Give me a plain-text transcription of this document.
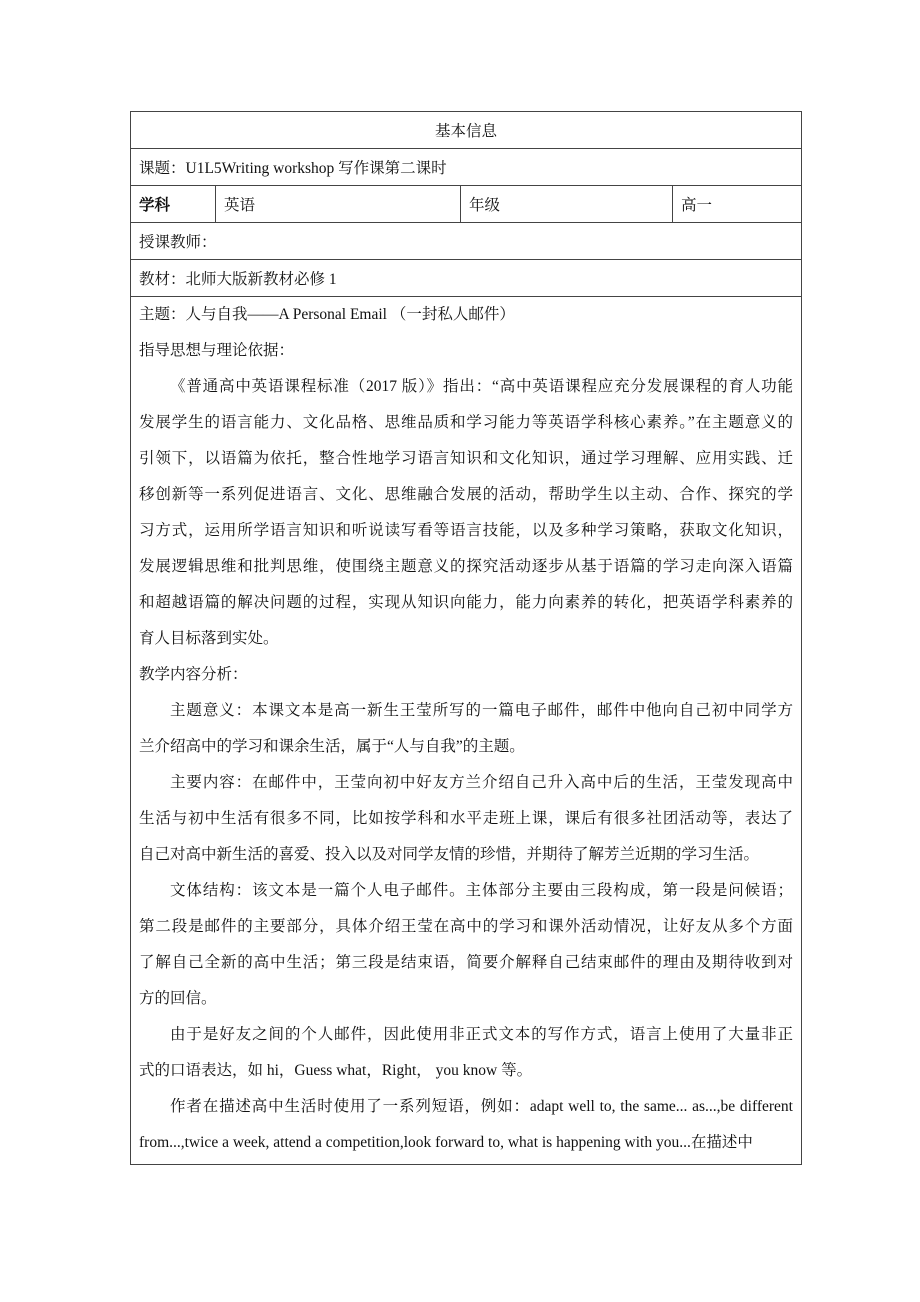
基本信息
课题：U1L5Writing workshop 写作课第二课时
学科	英语	年级	高一
授课教师：
教材：北师大版新教材必修 1

主题：人与自我——A Personal Email （一封私人邮件）
指导思想与理论依据：
《普通高中英语课程标准（2017 版）》指出：“高中英语课程应充分发展课程的育人功能
发展学生的语言能力、文化品格、思维品质和学习能力等英语学科核心素养。”在主题意义的
引领下，以语篇为依托，整合性地学习语言知识和文化知识，通过学习理解、应用实践、迁
移创新等一系列促进语言、文化、思维融合发展的活动，帮助学生以主动、合作、探究的学
习方式，运用所学语言知识和听说读写看等语言技能，以及多种学习策略，获取文化知识，
发展逻辑思维和批判思维，使围绕主题意义的探究活动逐步从基于语篇的学习走向深入语篇
和超越语篇的解决问题的过程，实现从知识向能力，能力向素养的转化，把英语学科素养的
育人目标落到实处。
教学内容分析：
主题意义：本课文本是高一新生王莹所写的一篇电子邮件，邮件中他向自己初中同学方
兰介绍高中的学习和课余生活，属于“人与自我”的主题。
主要内容：在邮件中，王莹向初中好友方兰介绍自己升入高中后的生活，王莹发现高中
生活与初中生活有很多不同，比如按学科和水平走班上课，课后有很多社团活动等，表达了
自己对高中新生活的喜爱、投入以及对同学友情的珍惜，并期待了解芳兰近期的学习生活。
文体结构：该文本是一篇个人电子邮件。主体部分主要由三段构成，第一段是问候语；
第二段是邮件的主要部分，具体介绍王莹在高中的学习和课外活动情况，让好友从多个方面
了解自己全新的高中生活；第三段是结束语，简要介解释自己结束邮件的理由及期待收到对
方的回信。
由于是好友之间的个人邮件，因此使用非正式文本的写作方式，语言上使用了大量非正
式的口语表达，如 hi，Guess what，Right， you know 等。
作者在描述高中生活时使用了一系列短语，例如：adapt well to, the same... as...,be different
from...,twice a week, attend a competition,look forward to, what is happening with you...在描述中
